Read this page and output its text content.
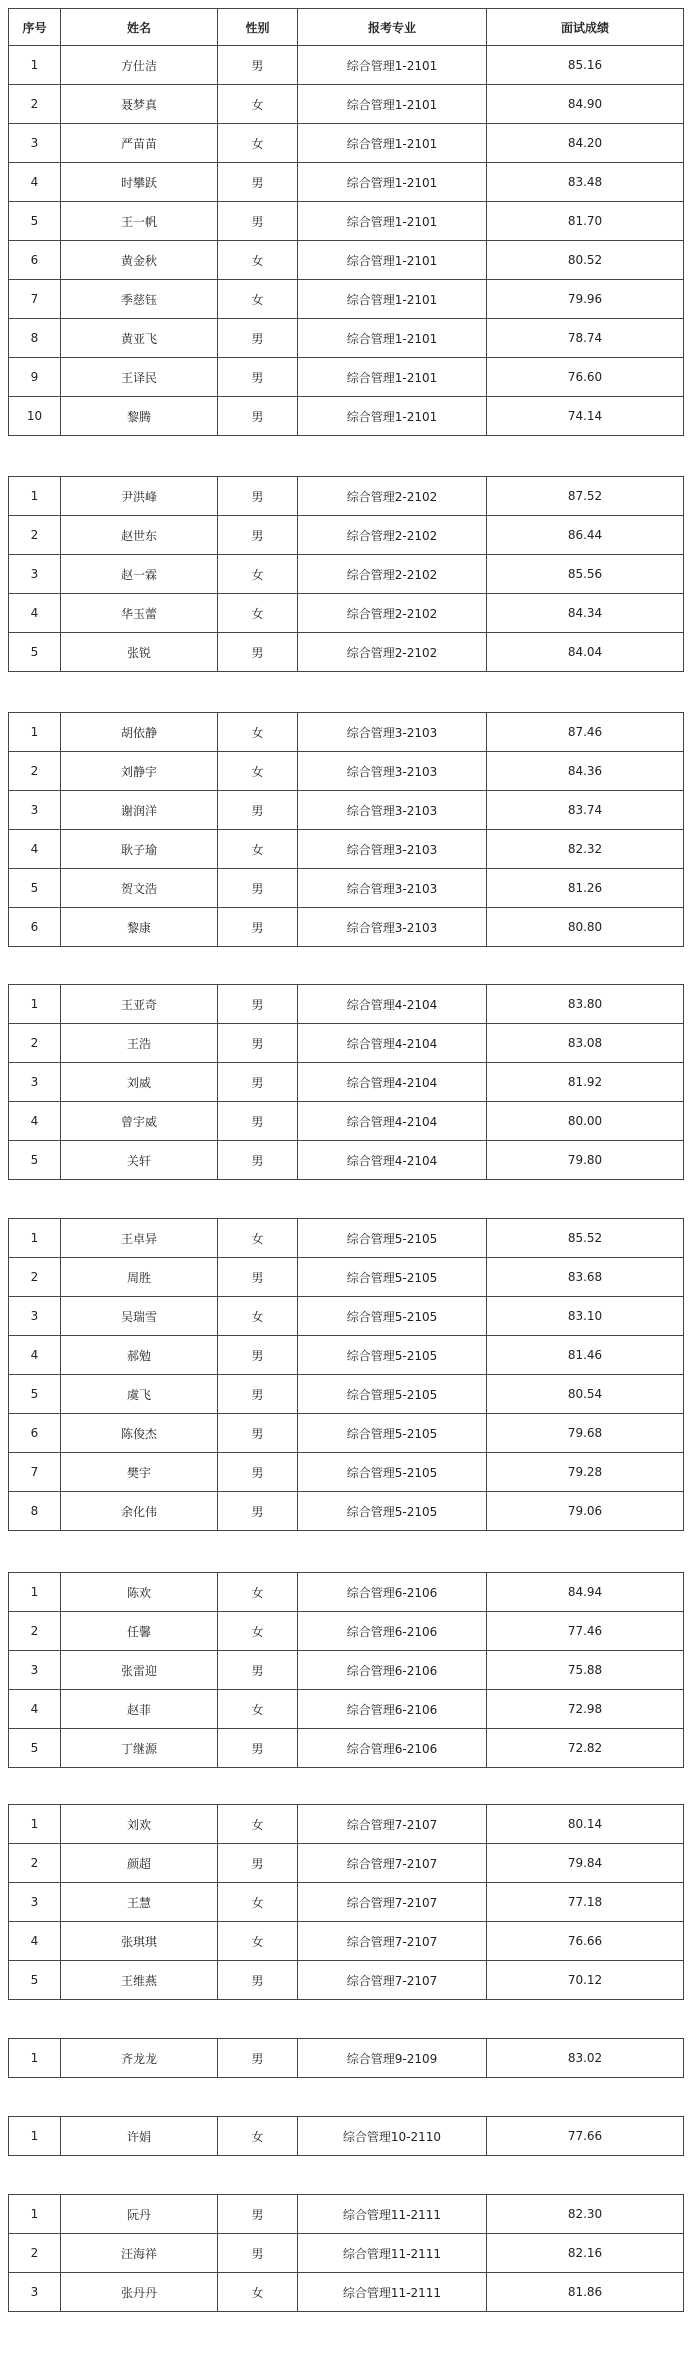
序号	姓名	性别	报考专业	面试成绩
1	方仕洁	男	综合管理1-2101	85.16
2	聂梦真	女	综合管理1-2101	84.90
3	严苗苗	女	综合管理1-2101	84.20
4	时攀跃	男	综合管理1-2101	83.48
5	王一帆	男	综合管理1-2101	81.70
6	黄金秋	女	综合管理1-2101	80.52
7	季慈钰	女	综合管理1-2101	79.96
8	黄亚飞	男	综合管理1-2101	78.74
9	王译民	男	综合管理1-2101	76.60
10	黎腾	男	综合管理1-2101	74.14
1	尹洪峰	男	综合管理2-2102	87.52
2	赵世东	男	综合管理2-2102	86.44
3	赵一霖	女	综合管理2-2102	85.56
4	华玉蕾	女	综合管理2-2102	84.34
5	张锐	男	综合管理2-2102	84.04
1	胡依静	女	综合管理3-2103	87.46
2	刘静宇	女	综合管理3-2103	84.36
3	谢润洋	男	综合管理3-2103	83.74
4	耿子瑜	女	综合管理3-2103	82.32
5	贺文浩	男	综合管理3-2103	81.26
6	黎康	男	综合管理3-2103	80.80
1	王亚奇	男	综合管理4-2104	83.80
2	王浩	男	综合管理4-2104	83.08
3	刘威	男	综合管理4-2104	81.92
4	曾宇威	男	综合管理4-2104	80.00
5	关轩	男	综合管理4-2104	79.80
1	王卓异	女	综合管理5-2105	85.52
2	周胜	男	综合管理5-2105	83.68
3	吴瑞雪	女	综合管理5-2105	83.10
4	郝勉	男	综合管理5-2105	81.46
5	虞飞	男	综合管理5-2105	80.54
6	陈俊杰	男	综合管理5-2105	79.68
7	樊宇	男	综合管理5-2105	79.28
8	余化伟	男	综合管理5-2105	79.06
1	陈欢	女	综合管理6-2106	84.94
2	任馨	女	综合管理6-2106	77.46
3	张雷迎	男	综合管理6-2106	75.88
4	赵菲	女	综合管理6-2106	72.98
5	丁继源	男	综合管理6-2106	72.82
1	刘欢	女	综合管理7-2107	80.14
2	颜超	男	综合管理7-2107	79.84
3	王慧	女	综合管理7-2107	77.18
4	张琪琪	女	综合管理7-2107	76.66
5	王维燕	男	综合管理7-2107	70.12
1	齐龙龙	男	综合管理9-2109	83.02
1	许娟	女	综合管理10-2110	77.66
1	阮丹	男	综合管理11-2111	82.30
2	汪海祥	男	综合管理11-2111	82.16
3	张丹丹	女	综合管理11-2111	81.86
